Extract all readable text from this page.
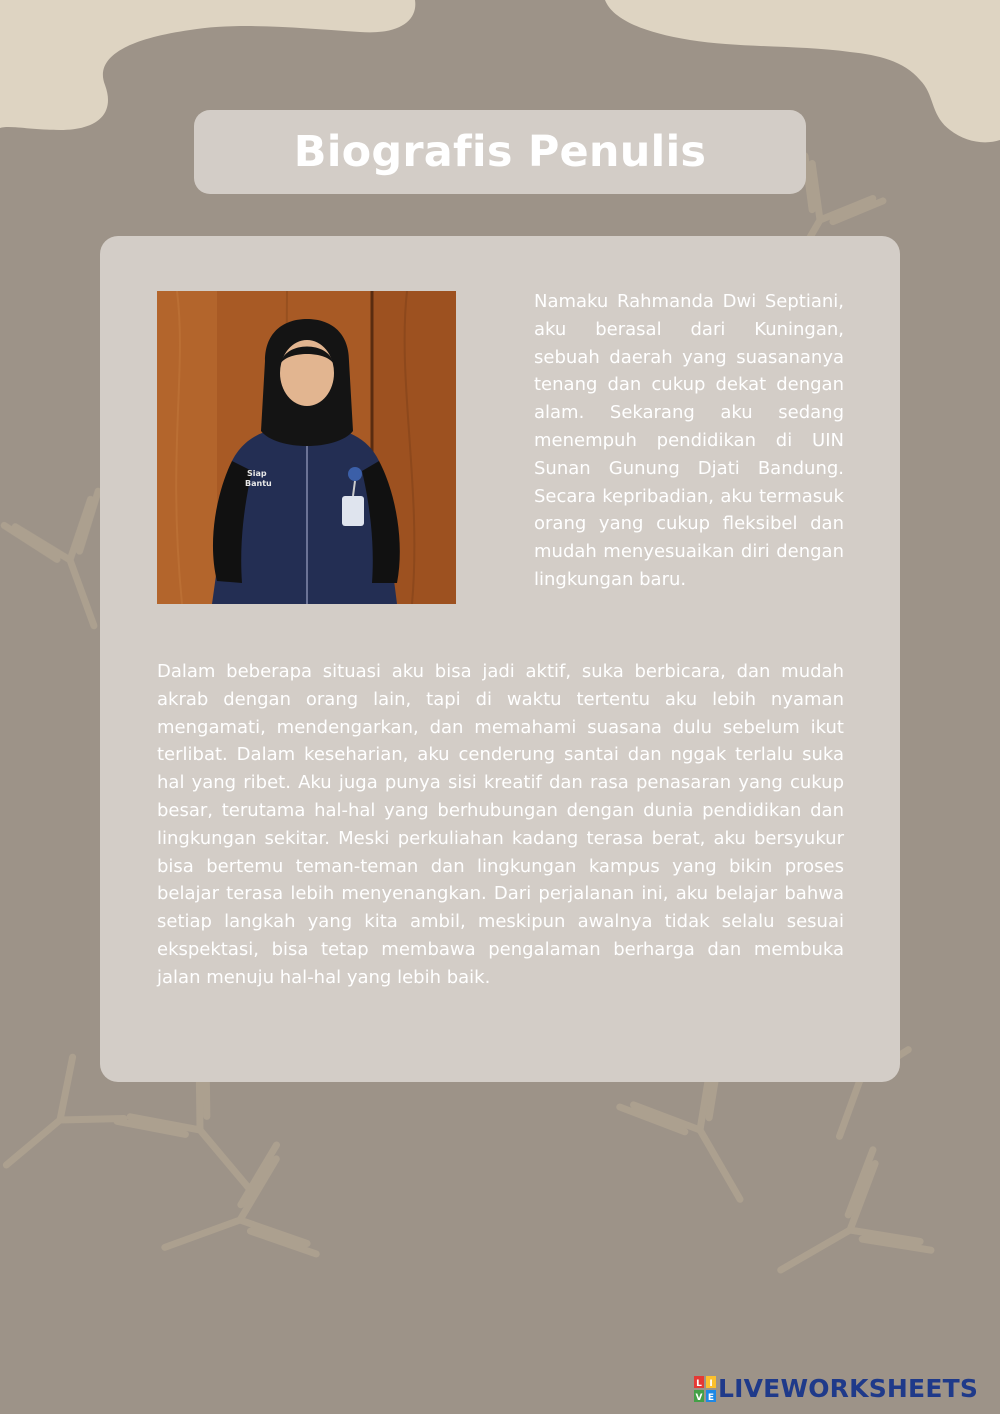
Biografis Penulis
Siap
Bantu

Namaku Rahmanda Dwi Septiani, aku berasal dari Kuningan, sebuah daerah yang suasananya tenang dan cukup dekat dengan alam. Sekarang aku sedang menempuh pendidikan di UIN Sunan Gunung Djati Bandung. Secara kepribadian, aku termasuk orang yang cukup fleksibel dan mudah menyesuaikan diri dengan lingkungan baru.

Dalam beberapa situasi aku bisa jadi aktif, suka berbicara, dan mudah akrab dengan orang lain, tapi di waktu tertentu aku lebih nyaman mengamati, mendengarkan, dan memahami suasana dulu sebelum ikut terlibat. Dalam keseharian, aku cenderung santai dan nggak terlalu suka hal yang ribet. Aku juga punya sisi kreatif dan rasa penasaran yang cukup besar, terutama hal-hal yang berhubungan dengan dunia pendidikan dan lingkungan sekitar. Meski perkuliahan kadang terasa berat, aku bersyukur bisa bertemu teman-teman dan lingkungan kampus yang bikin proses belajar terasa lebih menyenangkan. Dari perjalanan ini, aku belajar bahwa setiap langkah yang kita ambil, meskipun awalnya tidak selalu sesuai ekspektasi, bisa tetap membawa pengalaman berharga dan membuka jalan menuju hal-hal yang lebih baik.

L I
V E LIVEWORKSHEETS
